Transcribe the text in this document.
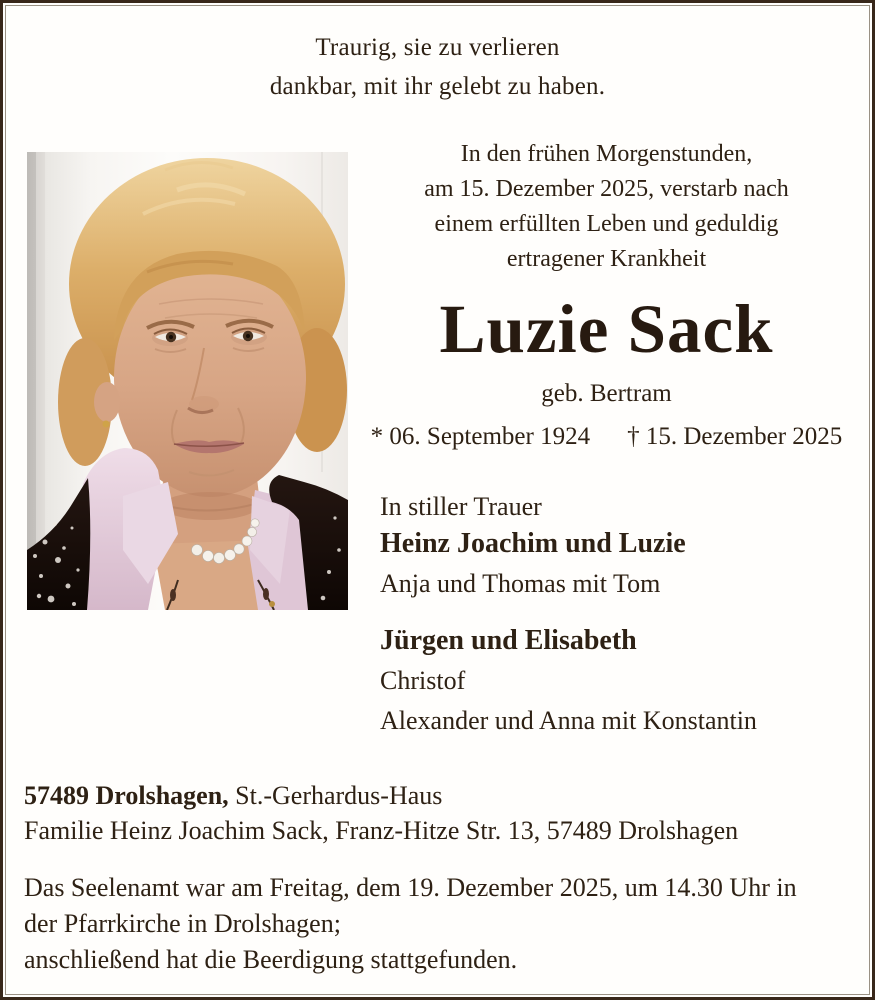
Traurig, sie zu verlieren
dankbar, mit ihr gelebt zu haben.
In den frühen Morgenstunden,
am 15. Dezember 2025, verstarb nach
einem erfüllten Leben und geduldig
ertragener Krankheit
Luzie Sack
geb. Bertram
* 06. September 1924 † 15. Dezember 2025
In stiller Trauer
Heinz Joachim und Luzie
Anja und Thomas mit Tom
Jürgen und Elisabeth
Christof
Alexander und Anna mit Konstantin
57489 Drolshagen, St.-Gerhardus-Haus
Familie Heinz Joachim Sack, Franz-Hitze Str. 13, 57489 Drolshagen
Das Seelenamt war am Freitag, dem 19. Dezember 2025, um 14.30 Uhr in
der Pfarrkirche in Drolshagen;
anschließend hat die Beerdigung stattgefunden.
